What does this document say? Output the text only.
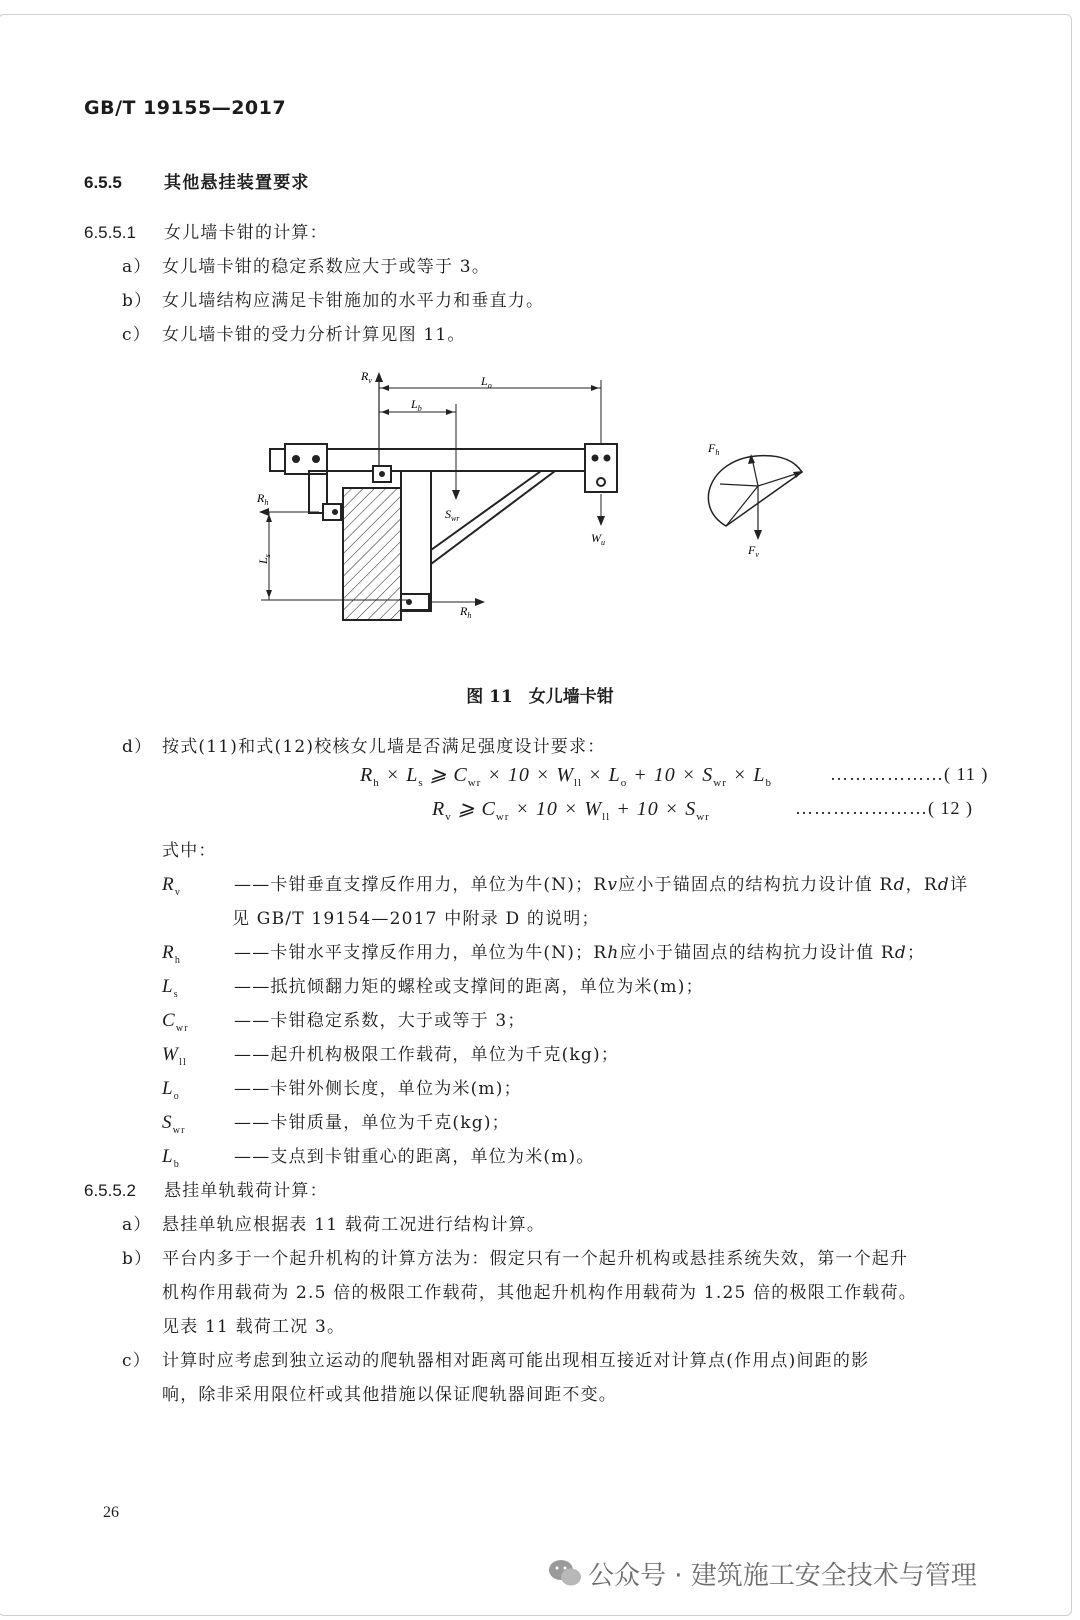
GB/T 19155—2017
6.5.5 其他悬挂装置要求
6.5.5.1 女儿墙卡钳的计算：
a） 女儿墙卡钳的稳定系数应大于或等于 3。
b） 女儿墙结构应满足卡钳施加的水平力和垂直力。
c） 女儿墙卡钳的受力分析计算见图 11。
$R_v$	$L_o$
$L_b$
$R_h$
$L_s$
$S_{wr}$
$W_u$
$R_h$
$F_h$
$F_v$
图 11 女儿墙卡钳
d） 按式(11)和式(12)校核女儿墙是否满足强度设计要求：
$R_h \times L_s$ ⩾ $C_{wr} \times 10 \times W_{ll} \times L_o + 10 \times S_{wr} \times L_b$	………………( 11 )
$R_v$ ⩾ $C_{wr} \times 10 \times W_{ll} + 10 \times S_{wr}$	…………………( 12 )
式中：
$R_v$	——卡钳垂直支撑反作用力，单位为牛(N)；Rv应小于锚固点的结构抗力设计值 Rd，Rd详
见 GB/T 19154—2017 中附录 D 的说明；
$R_h$	——卡钳水平支撑反作用力，单位为牛(N)；Rh应小于锚固点的结构抗力设计值 Rd；
$L_s$	——抵抗倾翻力矩的螺栓或支撑间的距离，单位为米(m)；
$C_{wr}$	——卡钳稳定系数，大于或等于 3；
$W_{ll}$	——起升机构极限工作载荷，单位为千克(kg)；
$L_o$	——卡钳外侧长度，单位为米(m)；
$S_{wr}$	——卡钳质量，单位为千克(kg)；
$L_b$	——支点到卡钳重心的距离，单位为米(m)。
6.5.5.2 悬挂单轨载荷计算：
a） 悬挂单轨应根据表 11 载荷工况进行结构计算。
b） 平台内多于一个起升机构的计算方法为：假定只有一个起升机构或悬挂系统失效，第一个起升
机构作用载荷为 2.5 倍的极限工作载荷，其他起升机构作用载荷为 1.25 倍的极限工作载荷。
见表 11 载荷工况 3。
c） 计算时应考虑到独立运动的爬轨器相对距离可能出现相互接近对计算点(作用点)间距的影
响，除非采用限位杆或其他措施以保证爬轨器间距不变。
26
公众号 · 建筑施工安全技术与管理
